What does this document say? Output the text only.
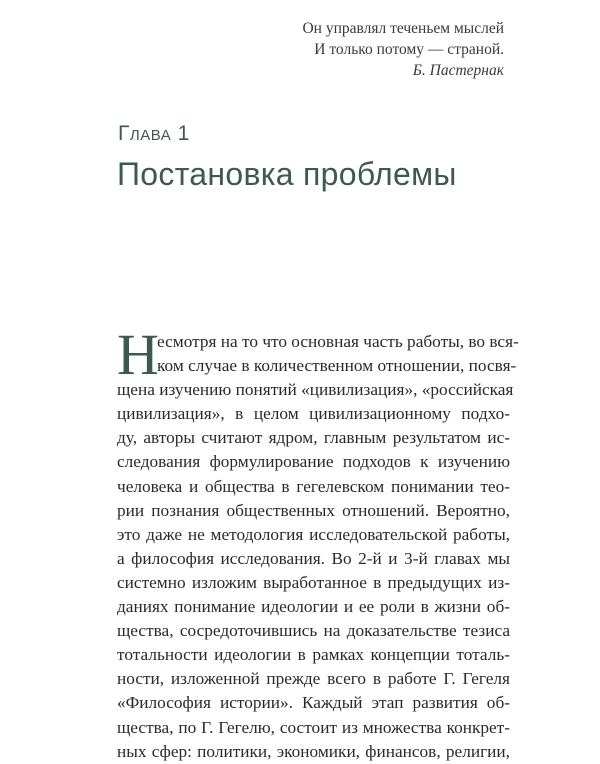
Он управлял теченьем мыслей
И только потому — страной.
Б. Пастернак
Глава 1
Постановка проблемы
Н
есмотря на то что основная часть работы, во вся-
ком случае в количественном отношении, посвя-
щена изучению понятий «цивилизация», «российская
цивилизация», в целом цивилизационному подхо-
ду, авторы считают ядром, главным результатом ис-
следования формулирование подходов к изучению
человека и общества в гегелевском понимании тео-
рии познания общественных отношений. Вероятно,
это даже не методология исследовательской работы,
а философия исследования. Во 2-й и 3-й главах мы
системно изложим выработанное в предыдущих из-
даниях понимание идеологии и ее роли в жизни об-
щества, сосредоточившись на доказательстве тезиса
тотальности идеологии в рамках концепции тоталь-
ности, изложенной прежде всего в работе Г. Гегеля
«Философия истории». Каждый этап развития об-
щества, по Г. Гегелю, состоит из множества конкрет-
ных сфер: политики, экономики, финансов, религии,
